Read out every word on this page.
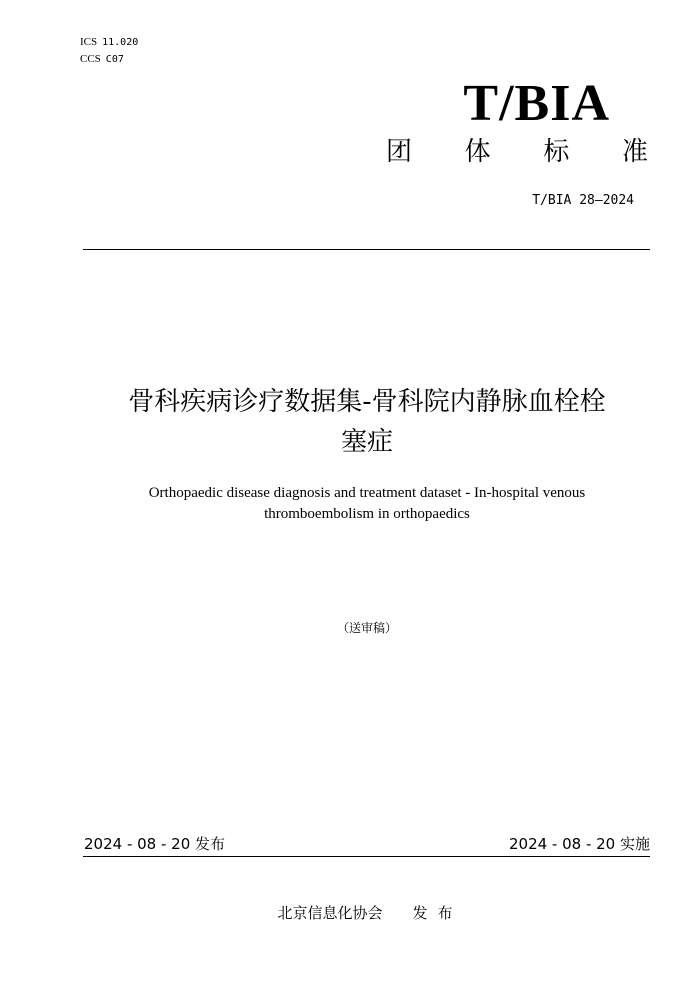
ICS 11.020
CCS C07
T/BIA
团 体 标 准
T/BIA 28—2024
骨科疾病诊疗数据集-骨科院内静脉血栓栓
塞症
Orthopaedic disease diagnosis and treatment dataset - In-hospital venous
thromboembolism in orthopaedics
（送审稿）
2024 - 08 - 20 发布	2024 - 08 - 20 实施
北京信息化协会 发布
